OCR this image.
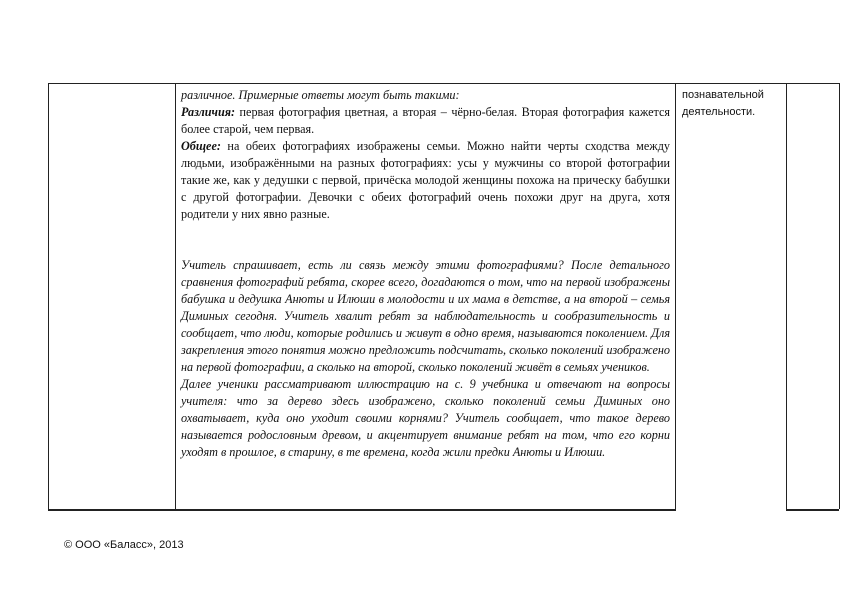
различное. Примерные ответы могут быть такими:

Различия: первая фотография цветная, а вторая – чёрно-белая. Вторая фотография кажется более старой, чем первая.

Общее: на обеих фотографиях изображены семьи. Можно найти черты сходства между людьми, изображёнными на разных фотографиях: усы у мужчины со второй фотографии такие же, как у дедушки с первой, причёска молодой женщины похожа на прическу бабушки с другой фотографии. Девочки с обеих фотографий очень похожи друг на друга, хотя родители у них явно разные.

Учитель спрашивает, есть ли связь между этими фотографиями? После детального сравнения фотографий ребята, скорее всего, догадаются о том, что на первой изображены бабушка и дедушка Анюты и Илюши в молодости и их мама в детстве, а на второй – семья Диминых сегодня. Учитель хвалит ребят за наблюдательность и сообразительность и сообщает, что люди, которые родились и живут в одно время, называются поколением. Для закрепления этого понятия можно предложить подсчитать, сколько поколений изображено на первой фотографии, а сколько на второй, сколько поколений живёт в семьях учеников.

Далее ученики рассматривают иллюстрацию на с. 9 учебника и отвечают на вопросы учителя: что за дерево здесь изображено, сколько поколений семьи Диминых оно охватывает, куда оно уходит своими корнями? Учитель сообщает, что такое дерево называется родословным древом, и акцентирует внимание ребят на том, что его корни уходят в прошлое, в старину, в те времена, когда жили предки Анюты и Илюши.

познавательной
деятельности.
© ООО «Баласс», 2013
